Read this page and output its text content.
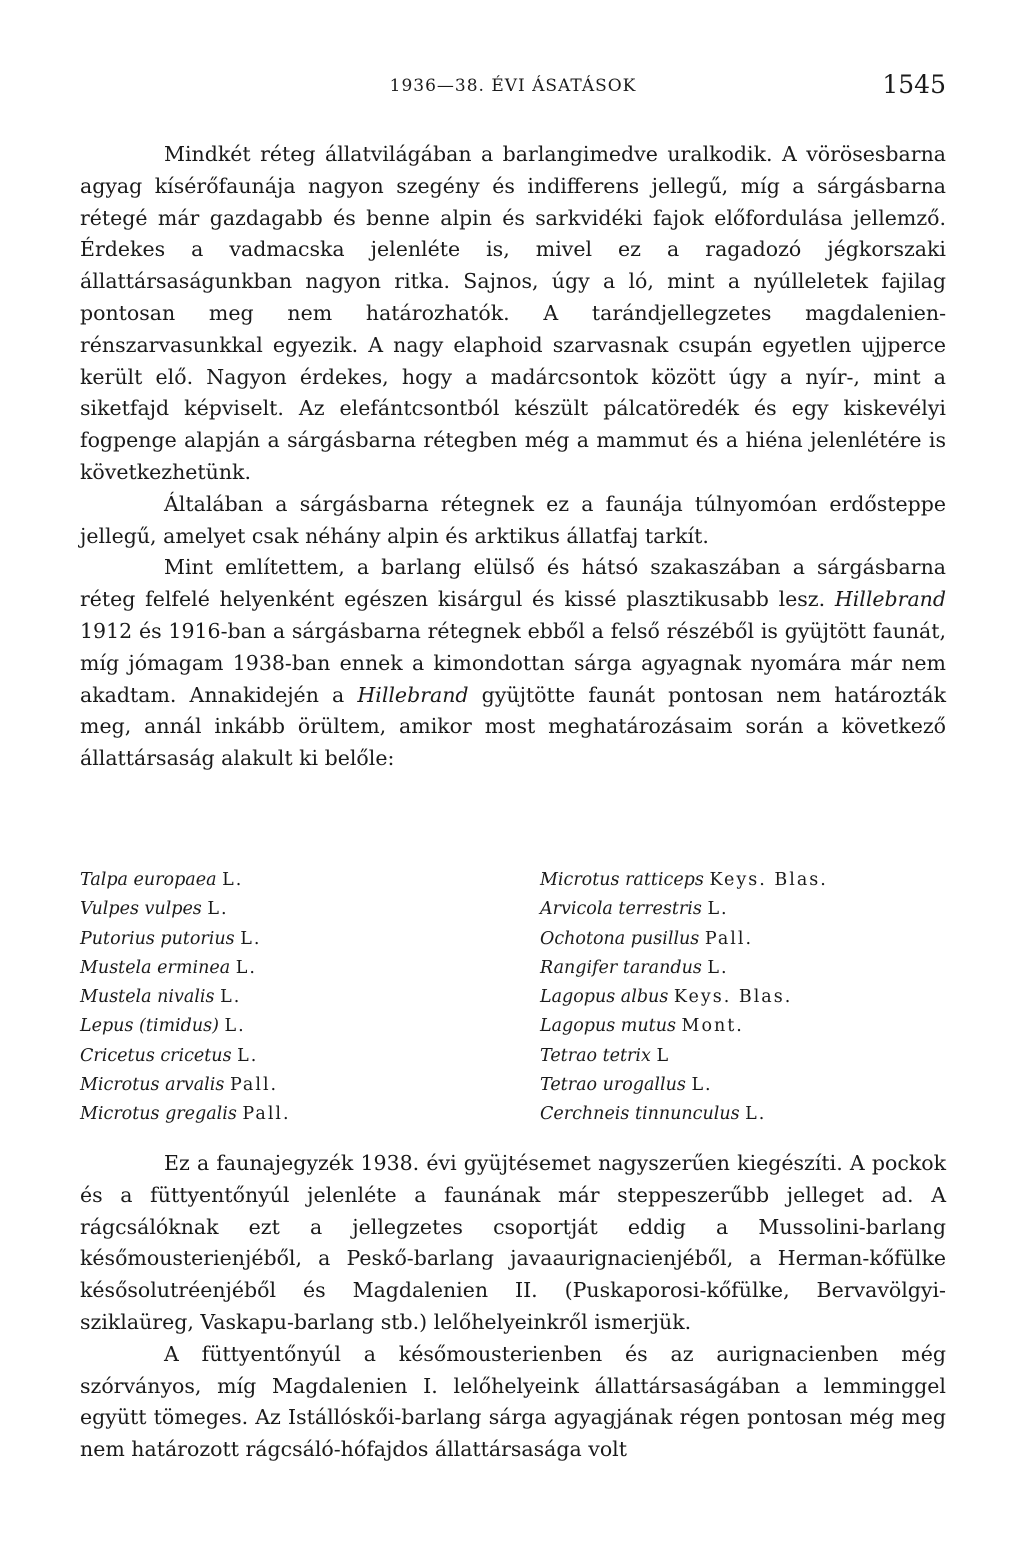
1936—38. ÉVI ÁSATÁSOK	1545

Mindkét réteg állatvilágában a barlangimedve uralkodik. A vörösesbarna agyag kísérőfaunája nagyon szegény és indifferens jellegű, míg a sárgásbarna rétegé már gazdagabb és benne alpin és sarkvidéki fajok előfordulása jellemző. Érdekes a vadmacska jelenléte is, mivel ez a ragadozó jégkorszaki állattársaságunkban nagyon ritka. Sajnos, úgy a ló, mint a nyúlleletek fajilag pontosan meg nem határozhatók. A tarándjellegzetes magdalenien-rénszarvasunkkal egyezik. A nagy elaphoid szarvasnak csupán egyetlen ujjperce került elő. Nagyon érdekes, hogy a madárcsontok között úgy a nyír-, mint a siketfajd képviselt. Az elefántcsontból készült pálcatöredék és egy kiskevélyi fogpenge alapján a sárgásbarna rétegben még a mammut és a hiéna jelenlétére is következhetünk.

Általában a sárgásbarna rétegnek ez a faunája túlnyomóan erdősteppe jellegű, amelyet csak néhány alpin és arktikus állatfaj tarkít.

Mint említettem, a barlang elülső és hátsó szakaszában a sárgásbarna réteg felfelé helyenként egészen kisárgul és kissé plasztikusabb lesz. Hillebrand 1912 és 1916-ban a sárgásbarna rétegnek ebből a felső részéből is gyüjtött faunát, míg jómagam 1938-ban ennek a kimondottan sárga agyagnak nyomára már nem akadtam. Annakidején a Hillebrand gyüjtötte faunát pontosan nem határozták meg, annál inkább örültem, amikor most meghatározásaim során a következő állattársaság alakult ki belőle:

Talpa europaea L.
Vulpes vulpes L.
Putorius putorius L.
Mustela erminea L.
Mustela nivalis L.
Lepus (timidus) L.
Cricetus cricetus L.
Microtus arvalis Pall.
Microtus gregalis Pall.
Microtus ratticeps Keys. Blas.
Arvicola terrestris L.
Ochotona pusillus Pall.
Rangifer tarandus L.
Lagopus albus Keys. Blas.
Lagopus mutus Mont.
Tetrao tetrix L
Tetrao urogallus L.
Cerchneis tinnunculus L.

Ez a faunajegyzék 1938. évi gyüjtésemet nagyszerűen kiegészíti. A pockok és a füttyentőnyúl jelenléte a faunának már steppeszerűbb jelleget ad. A rágcsálóknak ezt a jellegzetes csoportját eddig a Mussolini-barlang későmousterienjéből, a Peskő-barlang javaaurignacienjéből, a Herman-kőfülke késősolutréenjéből és Magdalenien II. (Puskaporosi-kőfülke, Bervavölgyi-sziklaüreg, Vaskapu-barlang stb.) lelőhelyeinkről ismerjük.

A füttyentőnyúl a későmousterienben és az aurignacienben még szórványos, míg Magdalenien I. lelőhelyeink állattársaságában a lemminggel együtt tömeges. Az Istállóskői-barlang sárga agyagjának régen pontosan még meg nem határozott rágcsáló-hófajdos állattársasága volt
